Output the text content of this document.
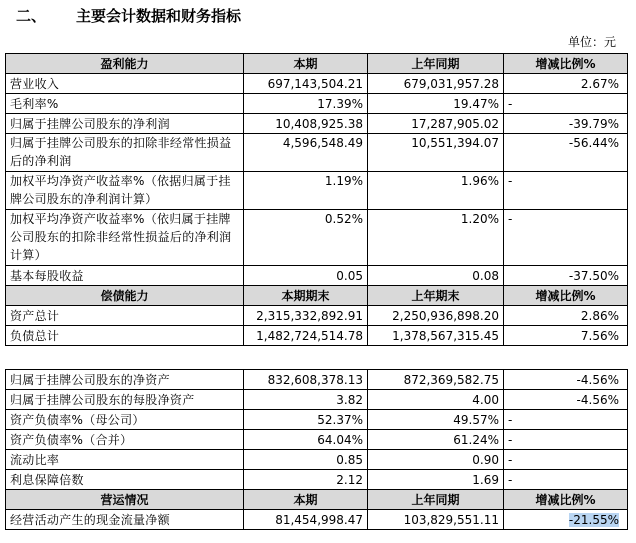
二、 主要会计数据和财务指标
单位：元
盈利能力	本期	上年同期	增减比例%
营业收入	697,143,504.21	679,031,957.28	2.67%
毛利率%	17.39%	19.47%	-
归属于挂牌公司股东的净利润	10,408,925.38	17,287,905.02	-39.79%
归属于挂牌公司股东的扣除非经常性损益后的净利润	4,596,548.49	10,551,394.07	-56.44%
加权平均净资产收益率%（依据归属于挂牌公司股东的净利润计算）	1.19%	1.96%	-
加权平均净资产收益率%（依归属于挂牌公司股东的扣除非经常性损益后的净利润计算）	0.52%	1.20%	-
基本每股收益	0.05	0.08	-37.50%
偿债能力	本期期末	上年期末	增减比例%
资产总计	2,315,332,892.91	2,250,936,898.20	2.86%
负债总计	1,482,724,514.78	1,378,567,315.45	7.56%
归属于挂牌公司股东的净资产	832,608,378.13	872,369,582.75	-4.56%
归属于挂牌公司股东的每股净资产	3.82	4.00	-4.56%
资产负债率%（母公司）	52.37%	49.57%	-
资产负债率%（合并）	64.04%	61.24%	-
流动比率	0.85	0.90	-
利息保障倍数	2.12	1.69	-
营运情况	本期	上年同期	增减比例%
经营活动产生的现金流量净额	81,454,998.47	103,829,551.11	-21.55%
